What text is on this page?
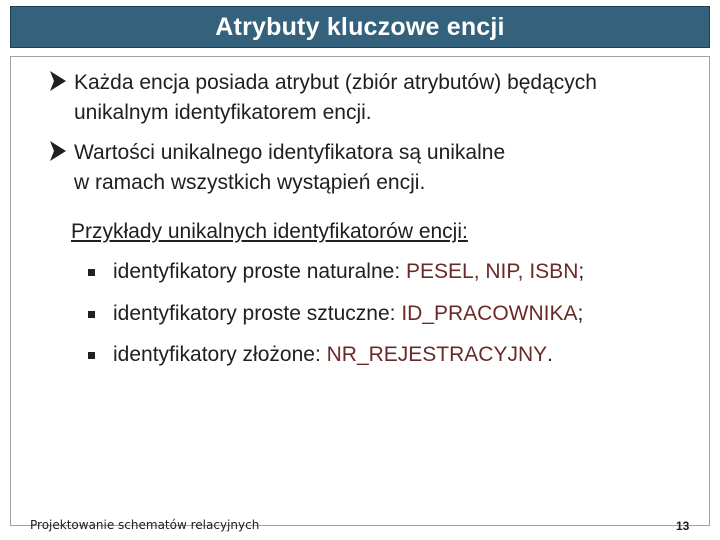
Atrybuty kluczowe encji
Każda encja posiada atrybut (zbiór atrybutów) będących
unikalnym identyfikatorem encji.
Wartości unikalnego identyfikatora są unikalne
w ramach wszystkich wystąpień encji.
Przykłady unikalnych identyfikatorów encji:
identyfikatory proste naturalne: PESEL, NIP, ISBN ;
identyfikatory proste sztuczne: ID_PRACOWNIKA ;
identyfikatory złożone: NR_REJESTRACYJNY .
Projektowanie schematów relacyjnych	13
